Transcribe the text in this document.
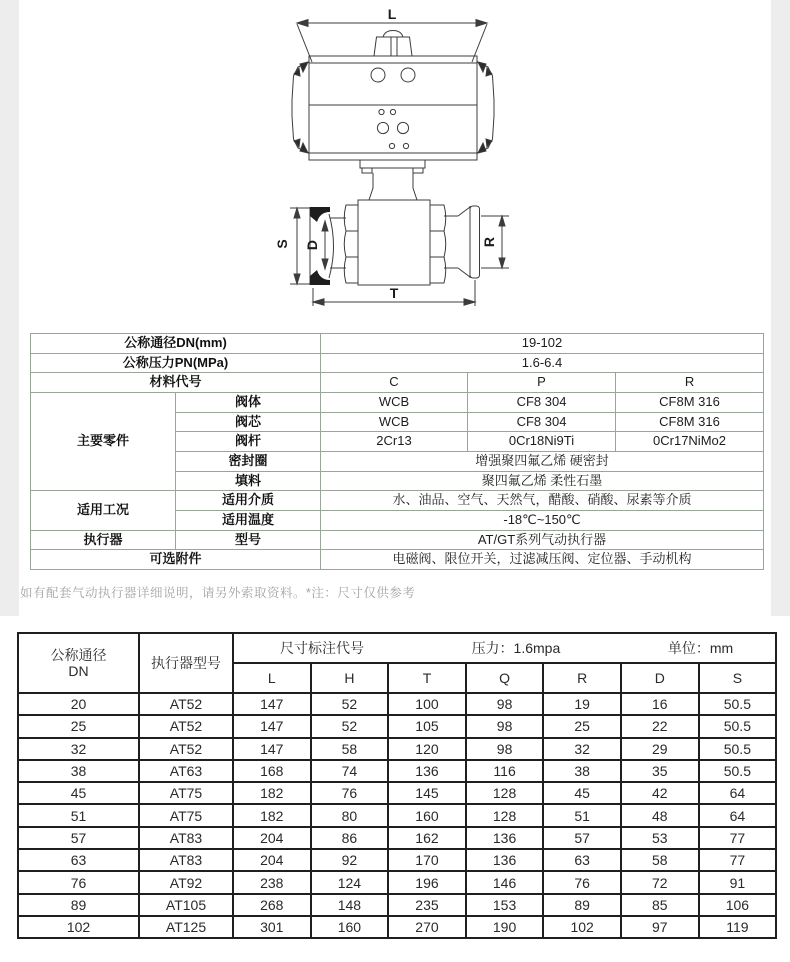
L
S D	R
T
公称通径DN(mm)		19-102		
公称压力PN(MPa)		1.6-6.4		
材料代号		C	P	R
主要零件	阀体	WCB	CF8 304	CF8M 316
	阀芯	WCB	CF8 304	CF8M 316
	阀杆	2Cr13	0Cr18Ni9Ti	0Cr17NiMo2
	密封圈	增强聚四氟乙烯 硬密封		
	填料	聚四氟乙烯 柔性石墨		
适用工况	适用介质	水、油品、空气、天然气，醋酸、硝酸、尿素等介质		
	适用温度	-18℃~150℃		
执行器	型号	AT/GT系列气动执行器		
可选附件		电磁阀、限位开关，过滤减压阀、定位器、手动机构		
如有配套气动执行器详细说明，请另外索取资料。*注：尺寸仅供参考
公称通径
DN	执行器型号	尺寸标注代号 压力：1.6mpa 单位：mm						

		L	H	T	Q	R	D	S
20	AT52	147	52	100	98	19	16	50.5
25	AT52	147	52	105	98	25	22	50.5
32	AT52	147	58	120	98	32	29	50.5
38	AT63	168	74	136	116	38	35	50.5
45	AT75	182	76	145	128	45	42	64
51	AT75	182	80	160	128	51	48	64
57	AT83	204	86	162	136	57	53	77
63	AT83	204	92	170	136	63	58	77
76	AT92	238	124	196	146	76	72	91
89	AT105	268	148	235	153	89	85	106
102	AT125	301	160	270	190	102	97	119
